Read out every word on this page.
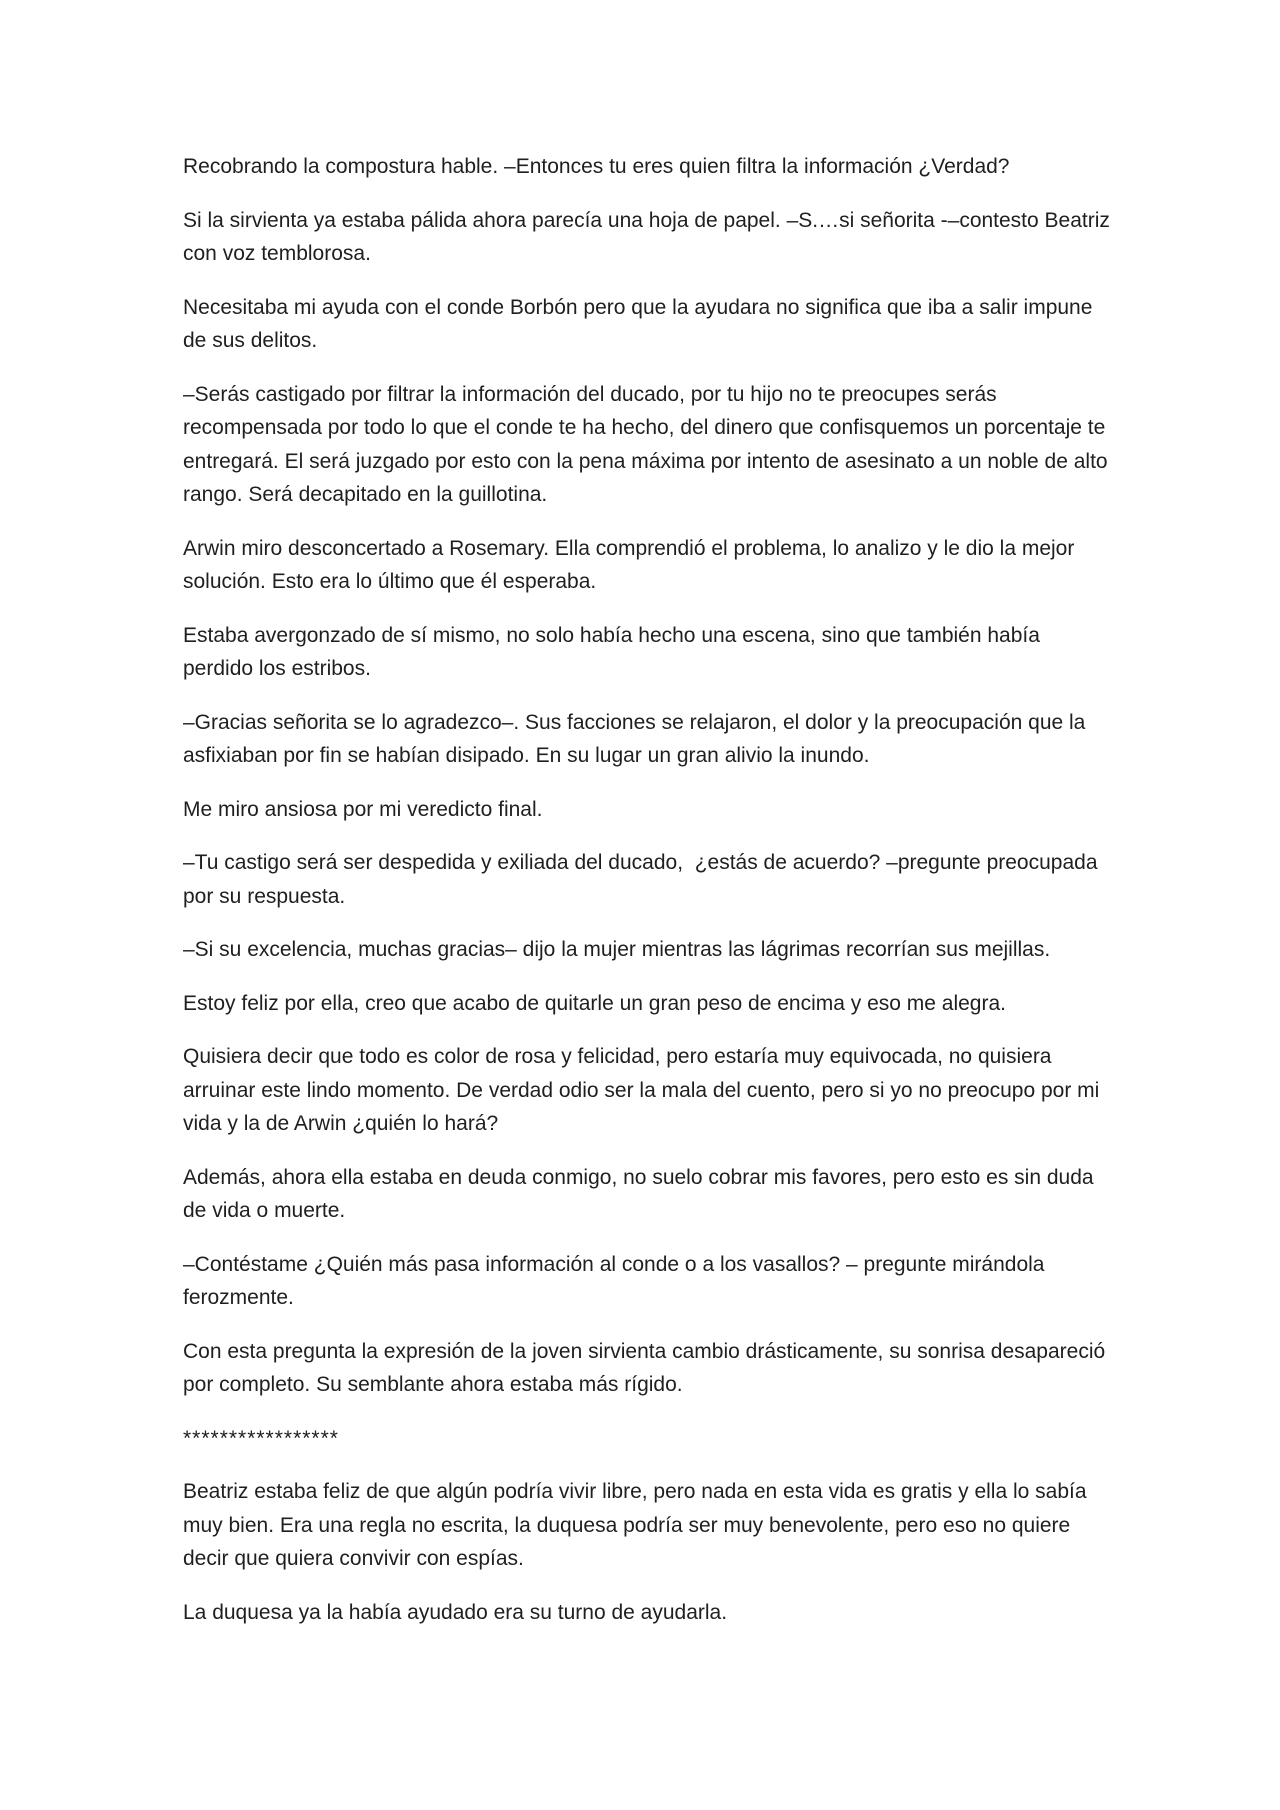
Recobrando la compostura hable. –Entonces tu eres quien filtra la información ¿Verdad?

Si la sirvienta ya estaba pálida ahora parecía una hoja de papel. –S.…si señorita -–contesto Beatriz con voz temblorosa.

Necesitaba mi ayuda con el conde Borbón pero que la ayudara no significa que iba a salir impune de sus delitos.

–Serás castigado por filtrar la información del ducado, por tu hijo no te preocupes serás recompensada por todo lo que el conde te ha hecho, del dinero que confisquemos un porcentaje te entregará. El será juzgado por esto con la pena máxima por intento de asesinato a un noble de alto rango. Será decapitado en la guillotina.

Arwin miro desconcertado a Rosemary. Ella comprendió el problema, lo analizo y le dio la mejor solución. Esto era lo último que él esperaba.

Estaba avergonzado de sí mismo, no solo había hecho una escena, sino que también había perdido los estribos.

–Gracias señorita se lo agradezco–. Sus facciones se relajaron, el dolor y la preocupación que la asfixiaban por fin se habían disipado. En su lugar un gran alivio la inundo.

Me miro ansiosa por mi veredicto final.

–Tu castigo será ser despedida y exiliada del ducado,  ¿estás de acuerdo? –pregunte preocupada por su respuesta.

–Si su excelencia, muchas gracias– dijo la mujer mientras las lágrimas recorrían sus mejillas.

Estoy feliz por ella, creo que acabo de quitarle un gran peso de encima y eso me alegra.

Quisiera decir que todo es color de rosa y felicidad, pero estaría muy equivocada, no quisiera arruinar este lindo momento. De verdad odio ser la mala del cuento, pero si yo no preocupo por mi vida y la de Arwin ¿quién lo hará?

Además, ahora ella estaba en deuda conmigo, no suelo cobrar mis favores, pero esto es sin duda de vida o muerte.

–Contéstame ¿Quién más pasa información al conde o a los vasallos? – pregunte mirándola ferozmente.

Con esta pregunta la expresión de la joven sirvienta cambio drásticamente, su sonrisa desapareció por completo. Su semblante ahora estaba más rígido.

*****************

Beatriz estaba feliz de que algún podría vivir libre, pero nada en esta vida es gratis y ella lo sabía muy bien. Era una regla no escrita, la duquesa podría ser muy benevolente, pero eso no quiere decir que quiera convivir con espías.

La duquesa ya la había ayudado era su turno de ayudarla.
